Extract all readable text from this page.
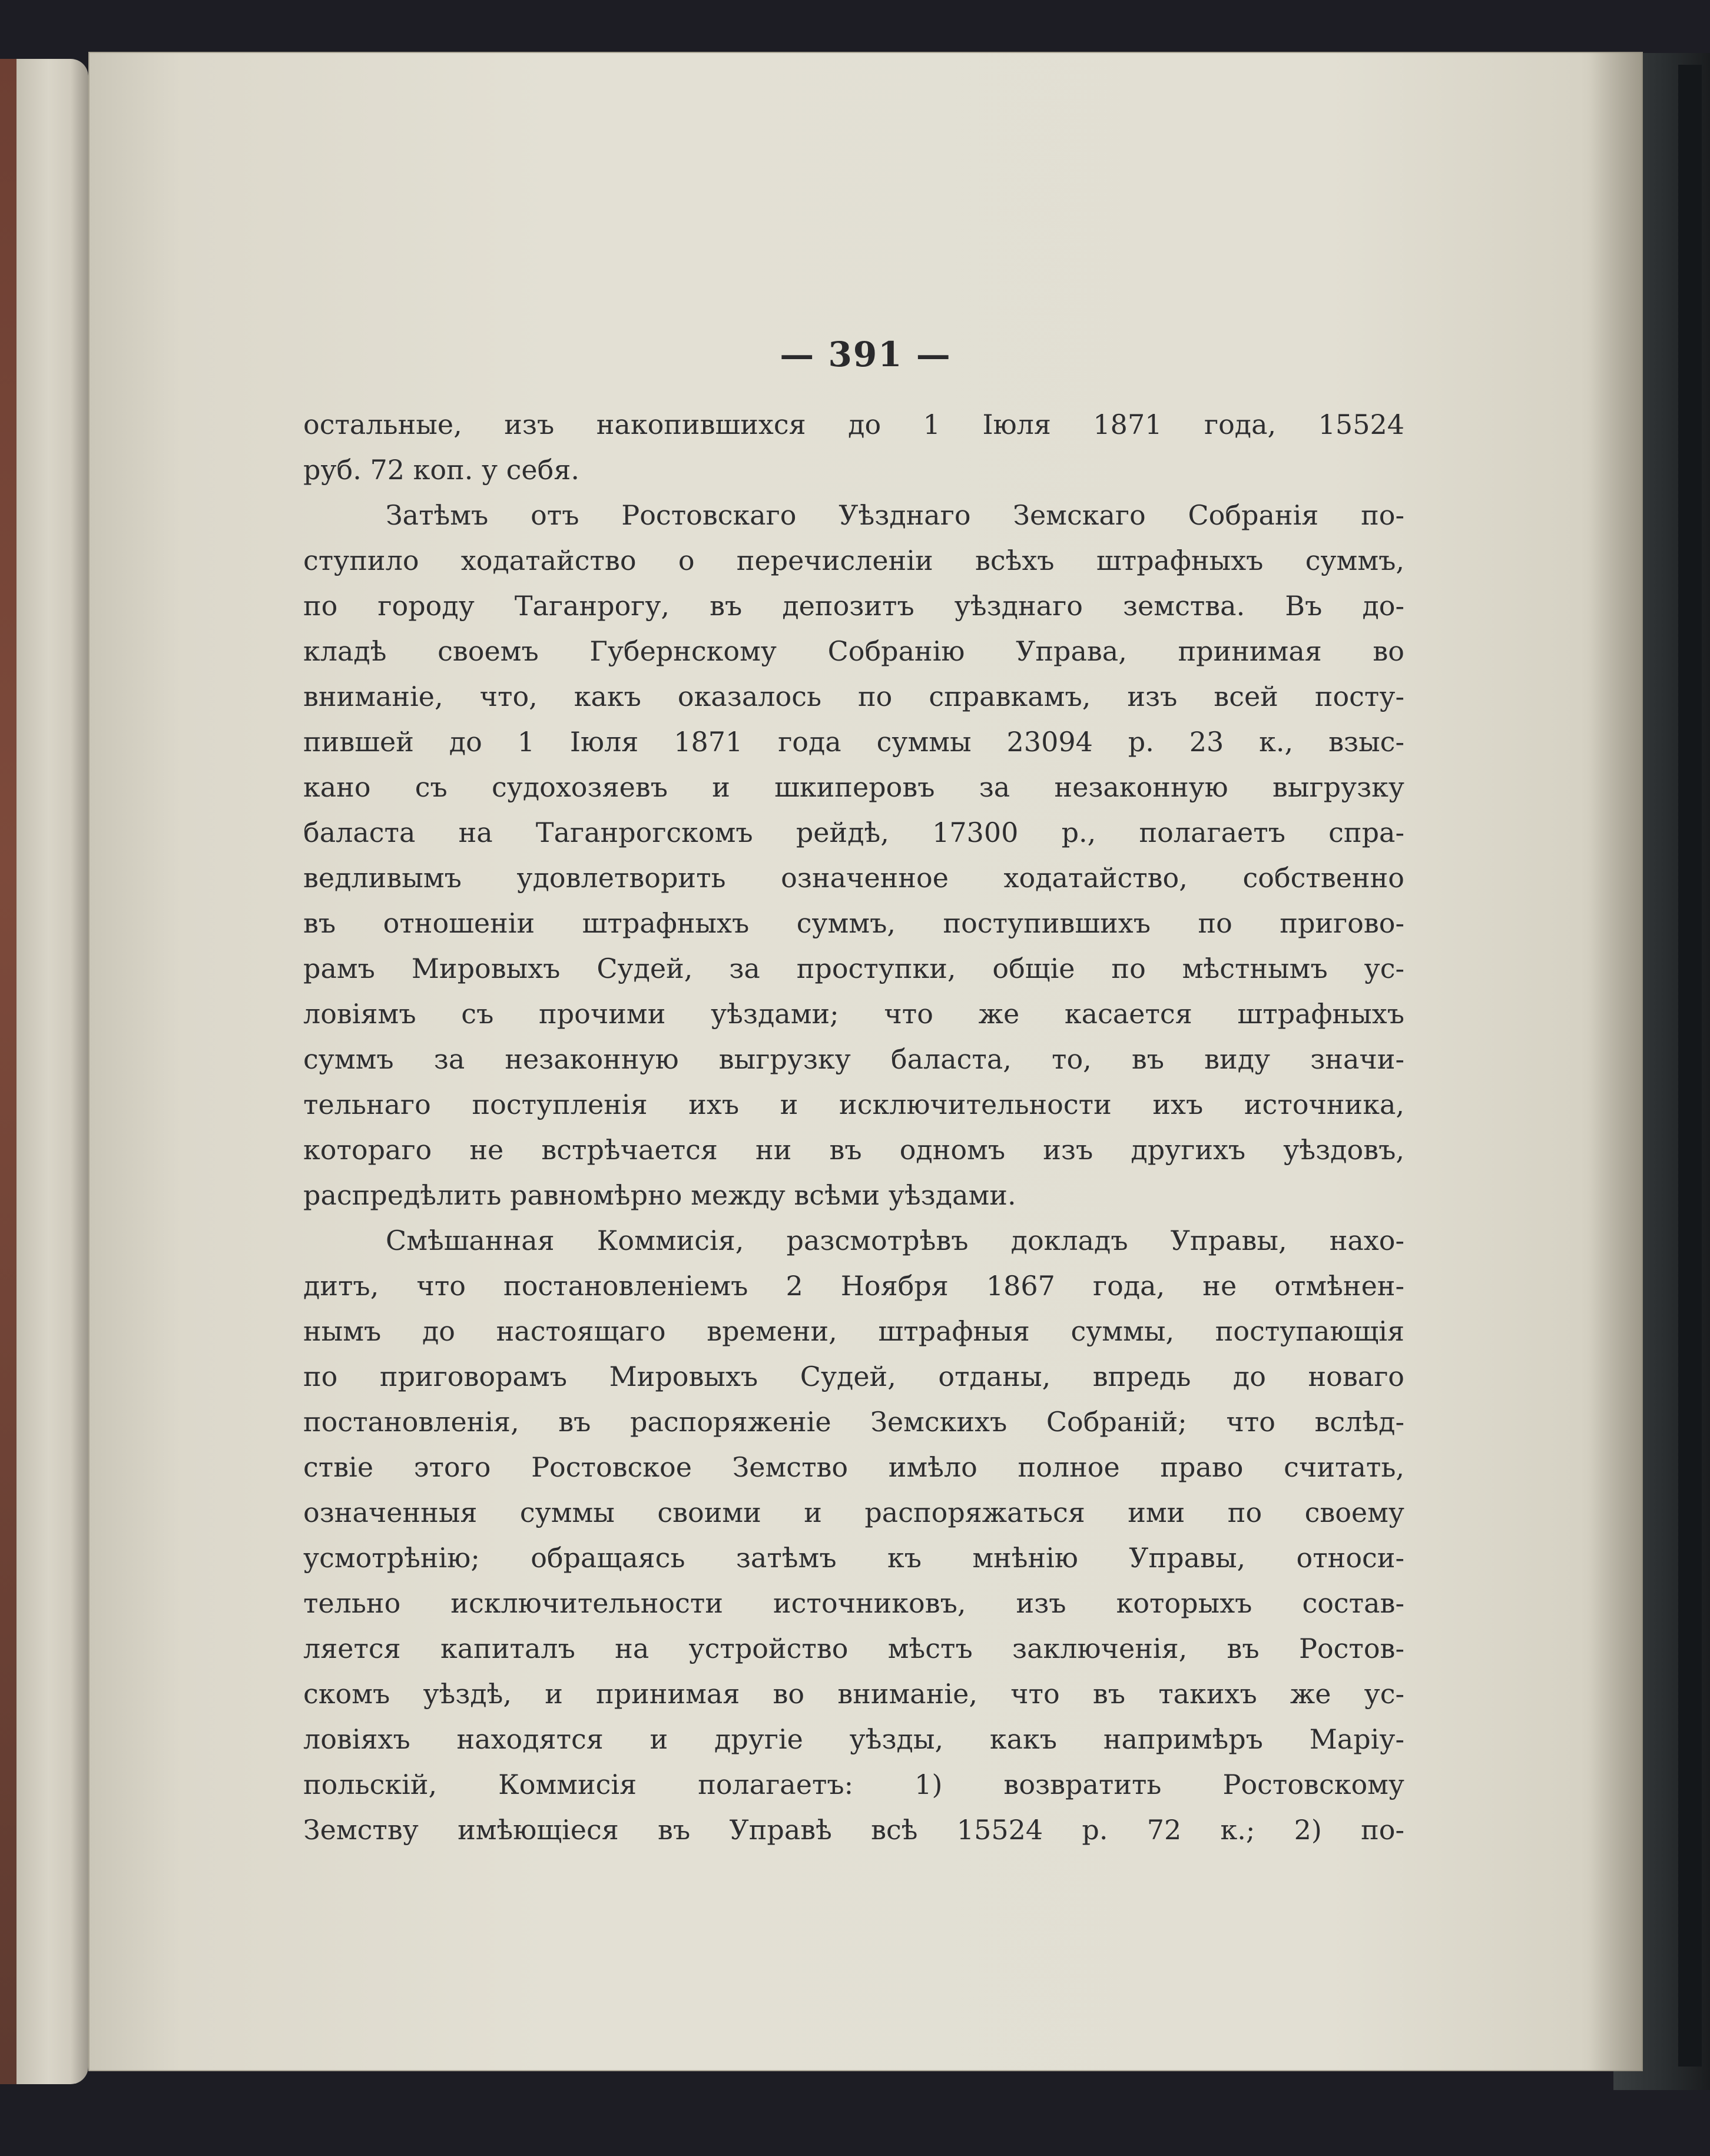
— 391 —
остальные, изъ накопившихся до 1 Іюля 1871 года, 15524
руб. 72 коп. у себя.
Затѣмъ отъ Ростовскаго Уѣзднаго Земскаго Собранія по-
ступило ходатайство о перечисленіи всѣхъ штрафныхъ суммъ,
по городу Таганрогу, въ депозитъ уѣзднаго земства. Въ до-
кладѣ своемъ Губернскому Собранію Управа, принимая во
вниманіе, что, какъ оказалось по справкамъ, изъ всей посту-
пившей до 1 Іюля 1871 года суммы 23094 р. 23 к., взыс-
кано съ судохозяевъ и шкиперовъ за незаконную выгрузку
баласта на Таганрогскомъ рейдѣ, 17300 р., полагаетъ спра-
ведливымъ удовлетворить означенное ходатайство, собственно
въ отношеніи штрафныхъ суммъ, поступившихъ по пригово-
рамъ Мировыхъ Судей, за проступки, общіе по мѣстнымъ ус-
ловіямъ съ прочими уѣздами; что же касается штрафныхъ
суммъ за незаконную выгрузку баласта, то, въ виду значи-
тельнаго поступленія ихъ и исключительности ихъ источника,
котораго не встрѣчается ни въ одномъ изъ другихъ уѣздовъ,
распредѣлить равномѣрно между всѣми уѣздами.
Смѣшанная Коммисія, разсмотрѣвъ докладъ Управы, нахо-
дитъ, что постановленіемъ 2 Ноября 1867 года, не отмѣнен-
нымъ до настоящаго времени, штрафныя суммы, поступающія
по приговорамъ Мировыхъ Судей, отданы, впредь до новаго
постановленія, въ распоряженіе Земскихъ Собраній; что вслѣд-
ствіе этого Ростовское Земство имѣло полное право считать,
означенныя суммы своими и распоряжаться ими по своему
усмотрѣнію; обращаясь затѣмъ къ мнѣнію Управы, относи-
тельно исключительности источниковъ, изъ которыхъ состав-
ляется капиталъ на устройство мѣстъ заключенія, въ Ростов-
скомъ уѣздѣ, и принимая во вниманіе, что въ такихъ же ус-
ловіяхъ находятся и другіе уѣзды, какъ напримѣръ Маріу-
польскій, Коммисія полагаетъ: 1) возвратить Ростовскому
Земству имѣющіеся въ Управѣ всѣ 15524 р. 72 к.; 2) по-
